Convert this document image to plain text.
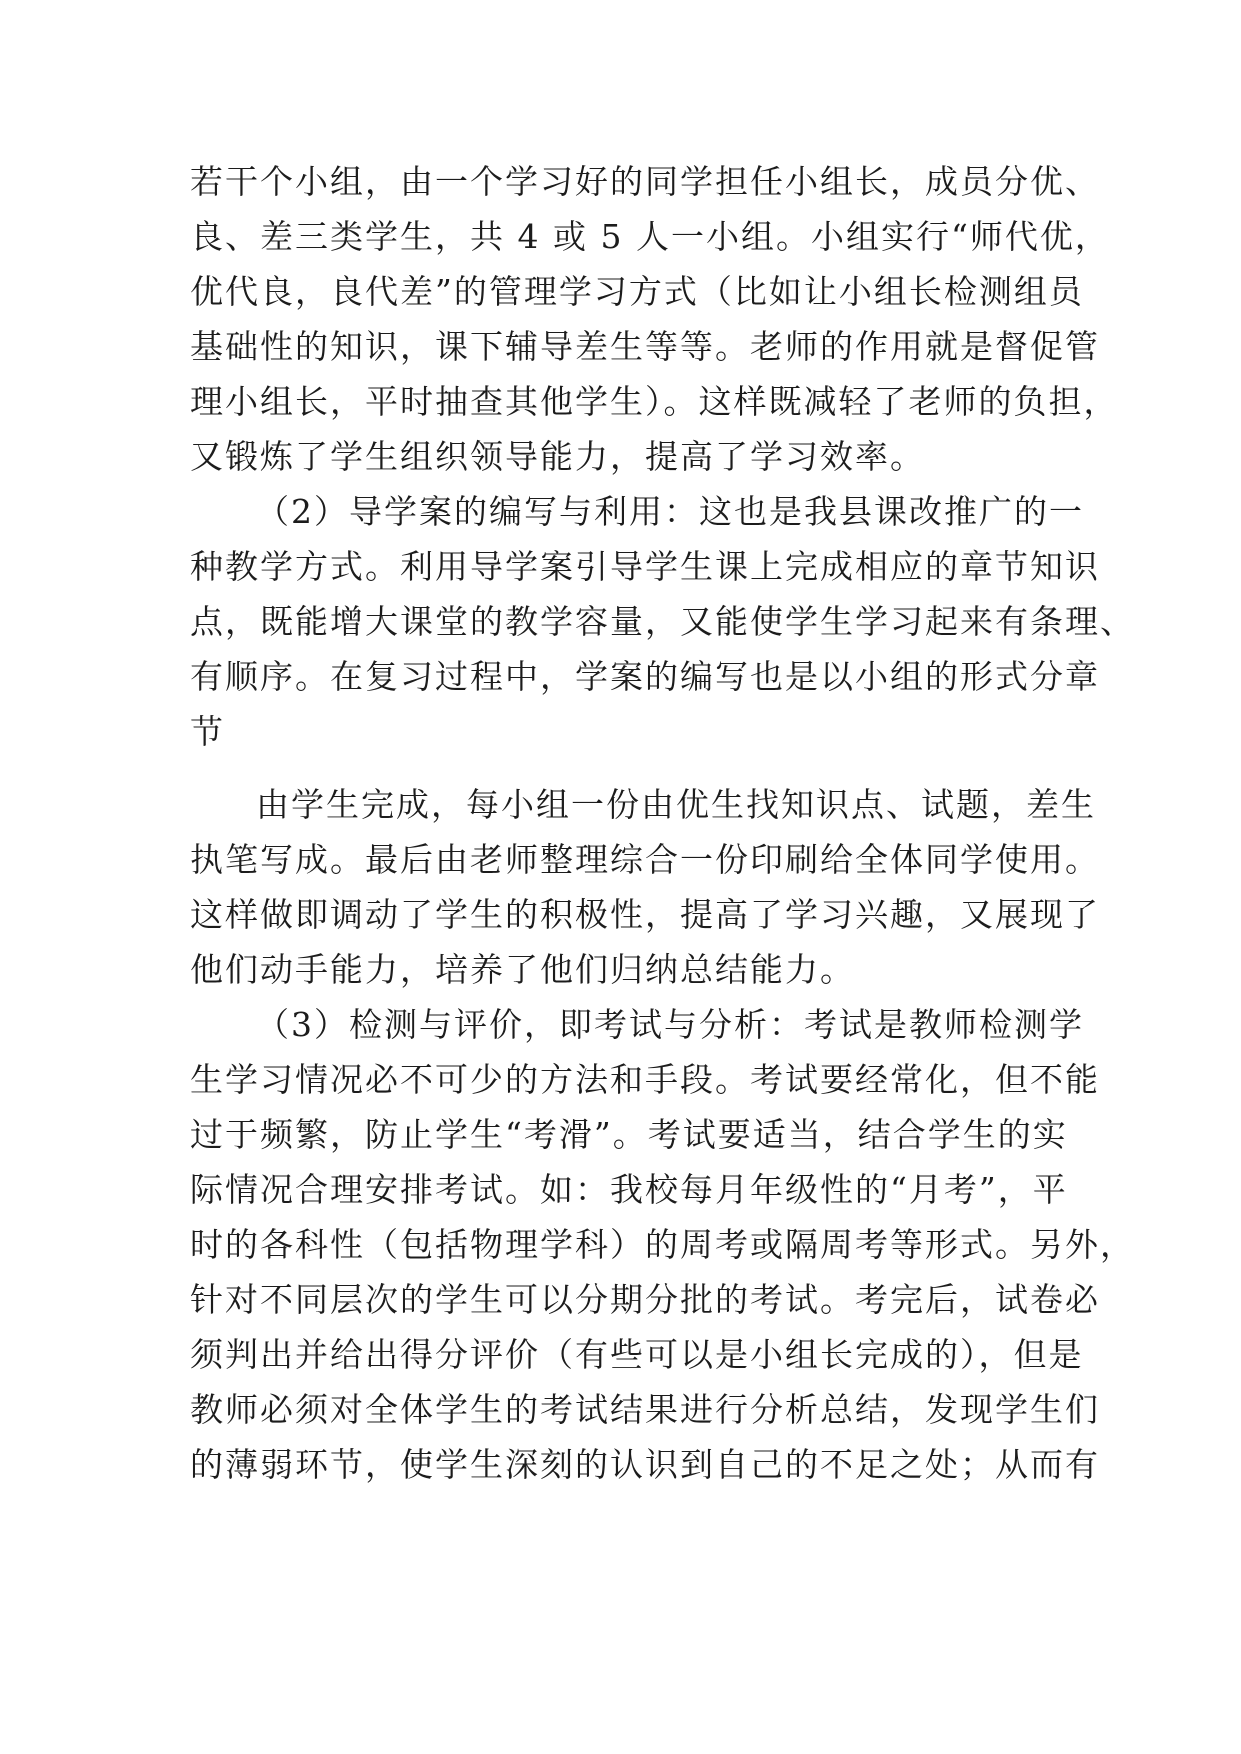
若干个小组，由一个学习好的同学担任小组长，成员分优、
良、差三类学生，共 4 或 5 人一小组。小组实行“师代优，
优代良，良代差”的管理学习方式（比如让小组长检测组员
基础性的知识，课下辅导差生等等。老师的作用就是督促管
理小组长，平时抽查其他学生）。这样既减轻了老师的负担，
又锻炼了学生组织领导能力，提高了学习效率。
（2）导学案的编写与利用：这也是我县课改推广的一
种教学方式。利用导学案引导学生课上完成相应的章节知识
点，既能增大课堂的教学容量，又能使学生学习起来有条理、
有顺序。在复习过程中，学案的编写也是以小组的形式分章
节
由学生完成，每小组一份由优生找知识点、试题，差生
执笔写成。最后由老师整理综合一份印刷给全体同学使用。
这样做即调动了学生的积极性，提高了学习兴趣，又展现了
他们动手能力，培养了他们归纳总结能力。
（3）检测与评价，即考试与分析：考试是教师检测学
生学习情况必不可少的方法和手段。考试要经常化，但不能
过于频繁，防止学生“考滑”。考试要适当，结合学生的实
际情况合理安排考试。如：我校每月年级性的“月考”，平
时的各科性（包括物理学科）的周考或隔周考等形式。另外，
针对不同层次的学生可以分期分批的考试。考完后，试卷必
须判出并给出得分评价（有些可以是小组长完成的），但是
教师必须对全体学生的考试结果进行分析总结，发现学生们
的薄弱环节，使学生深刻的认识到自己的不足之处；从而有
